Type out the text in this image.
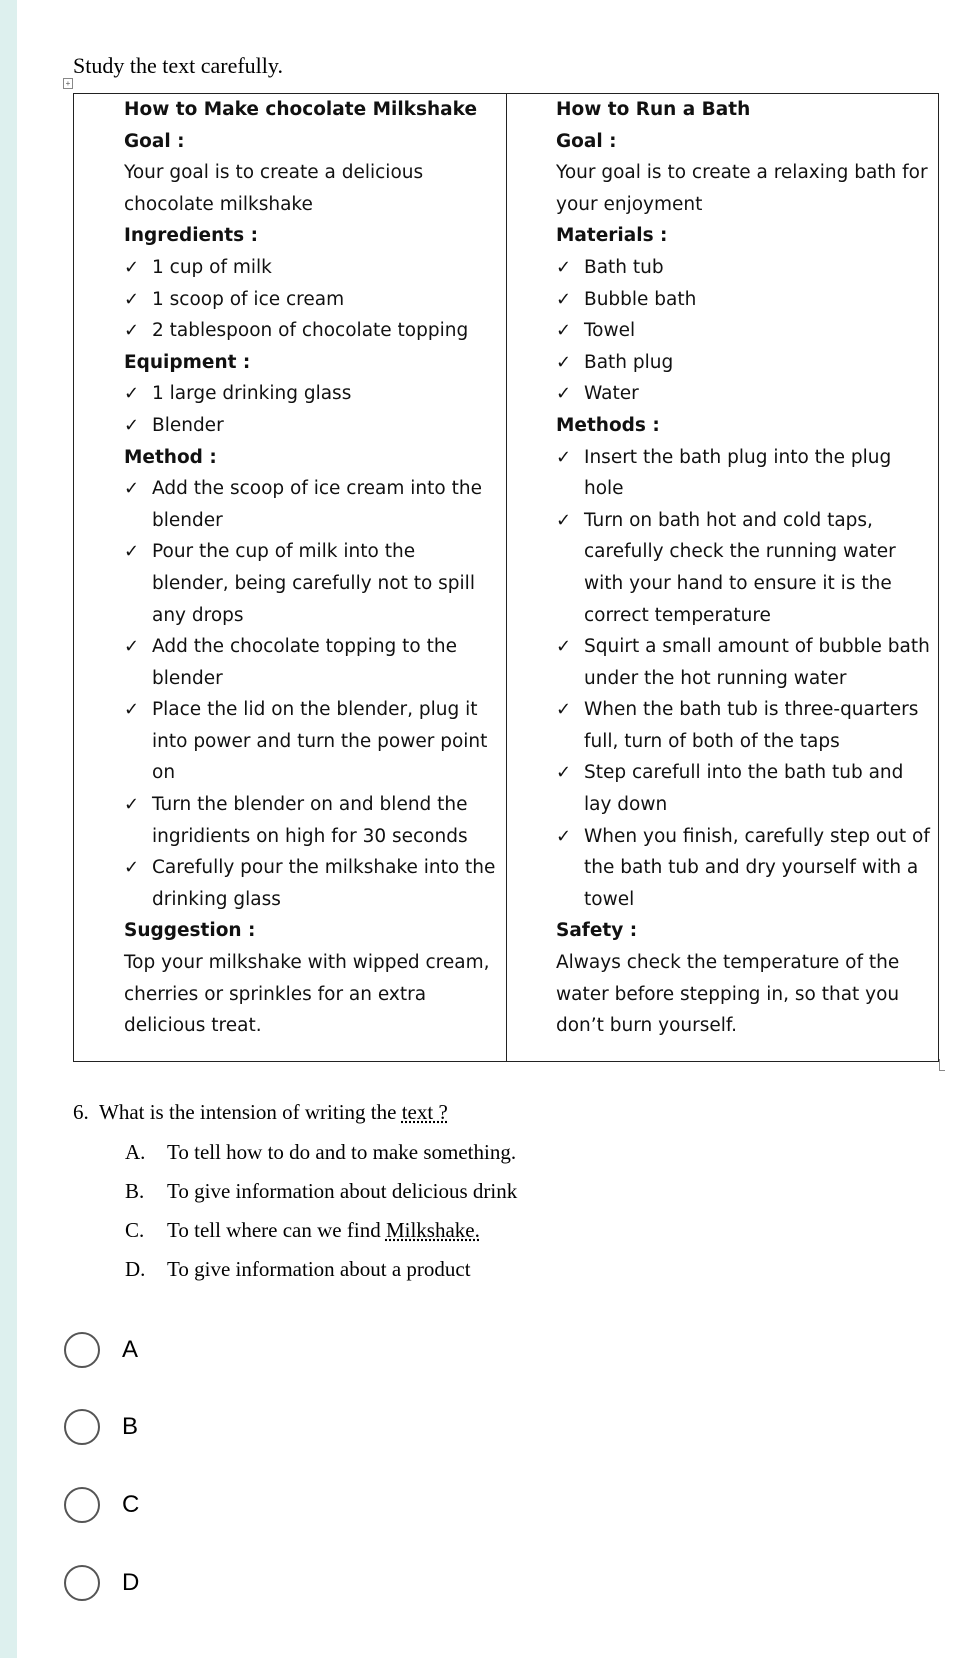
Study the text carefully.
+
How to Make chocolate Milkshake
Goal :
Your goal is to create a delicious
chocolate milkshake
Ingredients :
✓ 1 cup of milk
✓ 1 scoop of ice cream
✓ 2 tablespoon of chocolate topping
Equipment :
✓ 1 large drinking glass
✓ Blender
Method :
✓ Add the scoop of ice cream into the
blender
✓ Pour the cup of milk into the
blender, being carefully not to spill
any drops
✓ Add the chocolate topping to the
blender
✓ Place the lid on the blender, plug it
into power and turn the power point
on
✓ Turn the blender on and blend the
ingridients on high for 30 seconds
✓ Carefully pour the milkshake into the
drinking glass
Suggestion :
Top your milkshake with wipped cream,
cherries or sprinkles for an extra
delicious treat.
How to Run a Bath
Goal :
Your goal is to create a relaxing bath for
your enjoyment
Materials :
✓ Bath tub
✓ Bubble bath
✓ Towel
✓ Bath plug
✓ Water
Methods :
✓ Insert the bath plug into the plug
hole
✓ Turn on bath hot and cold taps,
carefully check the running water
with your hand to ensure it is the
correct temperature
✓ Squirt a small amount of bubble bath
under the hot running water
✓ When the bath tub is three-quarters
full, turn of both of the taps
✓ Step carefull into the bath tub and
lay down
✓ When you finish, carefully step out of
the bath tub and dry yourself with a
towel
Safety :
Always check the temperature of the
water before stepping in, so that you
don’t burn yourself.
6. What is the intension of writing the text ?
A. To tell how to do and to make something.
B. To give information about delicious drink
C. To tell where can we find Milkshake.
D. To give information about a product
A
B
C
D
